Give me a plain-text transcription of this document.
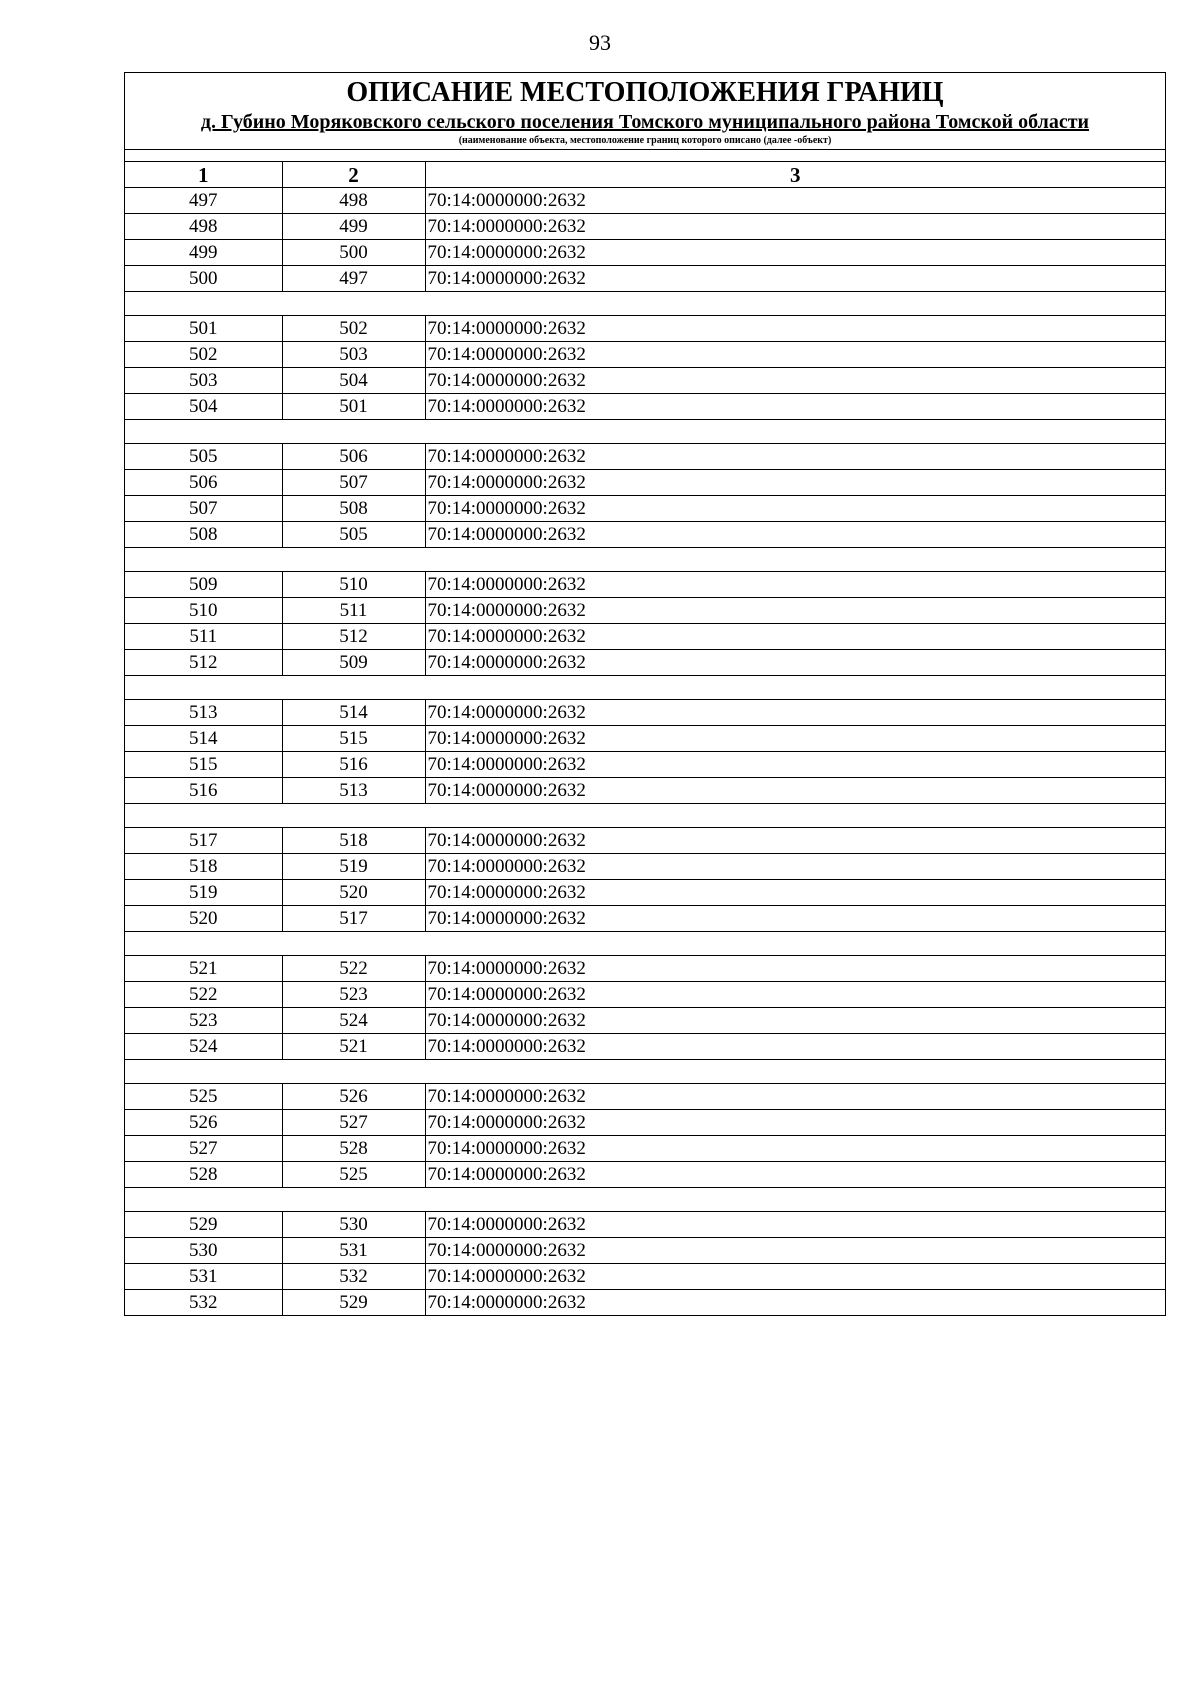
93
ОПИСАНИЕ МЕСТОПОЛОЖЕНИЯ ГРАНИЦ
д. Губино Моряковского сельского поселения Томского муниципального района Томской области
(наименование объекта, местоположение границ которого описано (далее -объект)
1	2	3
497	498	70:14:0000000:2632
498	499	70:14:0000000:2632
499	500	70:14:0000000:2632
500	497	70:14:0000000:2632

501	502	70:14:0000000:2632
502	503	70:14:0000000:2632
503	504	70:14:0000000:2632
504	501	70:14:0000000:2632

505	506	70:14:0000000:2632
506	507	70:14:0000000:2632
507	508	70:14:0000000:2632
508	505	70:14:0000000:2632

509	510	70:14:0000000:2632
510	511	70:14:0000000:2632
511	512	70:14:0000000:2632
512	509	70:14:0000000:2632

513	514	70:14:0000000:2632
514	515	70:14:0000000:2632
515	516	70:14:0000000:2632
516	513	70:14:0000000:2632

517	518	70:14:0000000:2632
518	519	70:14:0000000:2632
519	520	70:14:0000000:2632
520	517	70:14:0000000:2632

521	522	70:14:0000000:2632
522	523	70:14:0000000:2632
523	524	70:14:0000000:2632
524	521	70:14:0000000:2632

525	526	70:14:0000000:2632
526	527	70:14:0000000:2632
527	528	70:14:0000000:2632
528	525	70:14:0000000:2632

529	530	70:14:0000000:2632
530	531	70:14:0000000:2632
531	532	70:14:0000000:2632
532	529	70:14:0000000:2632
